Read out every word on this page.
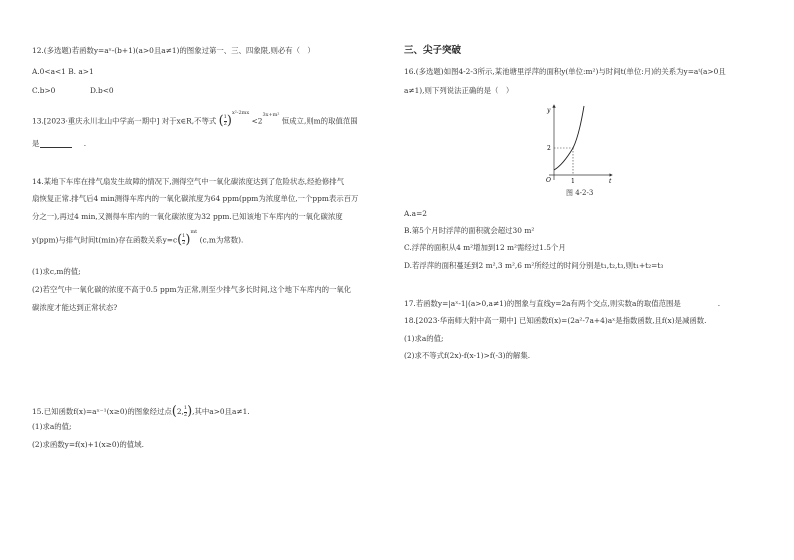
12.(多选题)若函数y=aˣ-(b+1)(a>0且a≠1)的图象过第一、三、四象限,则必有（　）
A.0<a<1 B. a>1
C.b>0	D.b<0
13.[2023·重庆永川北山中学高一期中] 对于x∈R,不等式 ( $\frac{1}{2} )^{x^2-2mx} <2^{3x+m^2}$ 恒成立,则m的取值范围
是　　　　　　.
14.某地下车库在排气扇发生故障的情况下,测得空气中一氧化碳浓度达到了危险状态,经抢修排气
扇恢复正常.排气后4 min测得车库内的一氧化碳浓度为64 ppm(ppm为浓度单位,一个ppm表示百万
分之一),再过4 min,又测得车库内的一氧化碳浓度为32 ppm.已知该地下车库内的一氧化碳浓度
y(ppm)与排气时间t(min)存在函数关系$y=c( \frac{1}{2} )^{mt}$ (c,m为常数).
(1)求c,m的值;
(2)若空气中一氧化碳的浓度不高于0.5 ppm为正常,则至少排气多长时间,这个地下车库内的一氧化
碳浓度才能达到正常状态?
15.已知函数f(x)=aˣ⁻¹(x≥0)的图象经过点(2, $\frac{1}{2}$ ),其中a>0且a≠1.
(1)求a的值;
(2)求函数y=f(x)+1(x≥0)的值域.
三、尖子突破
16.(多选题)如图4-2-3所示,某池塘里浮萍的面积y(单位:m²)与时间t(单位:月)的关系为y=aᵗ(a>0且
a≠1),则下列说法正确的是（　）
y
t
O
2
1
图 4-2-3
A.a=2
B.第5个月时浮萍的面积就会超过30 m²
C.浮萍的面积从4 m²增加到12 m²需经过1.5个月
D.若浮萍的面积蔓延到2 m²,3 m²,6 m²所经过的时间分别是t₁,t₂,t₃,则t₁+t₂=t₃
17.若函数y=|aˣ-1|(a>0,a≠1)的图象与直线y=2a有两个交点,则实数a的取值范围是　　　　　.
18.[2023·华南师大附中高一期中] 已知函数f(x)=(2a²-7a+4)aˣ是指数函数,且f(x)是减函数.
(1)求a的值;
(2)求不等式f(2x)-f(x-1)>f(-3)的解集.
